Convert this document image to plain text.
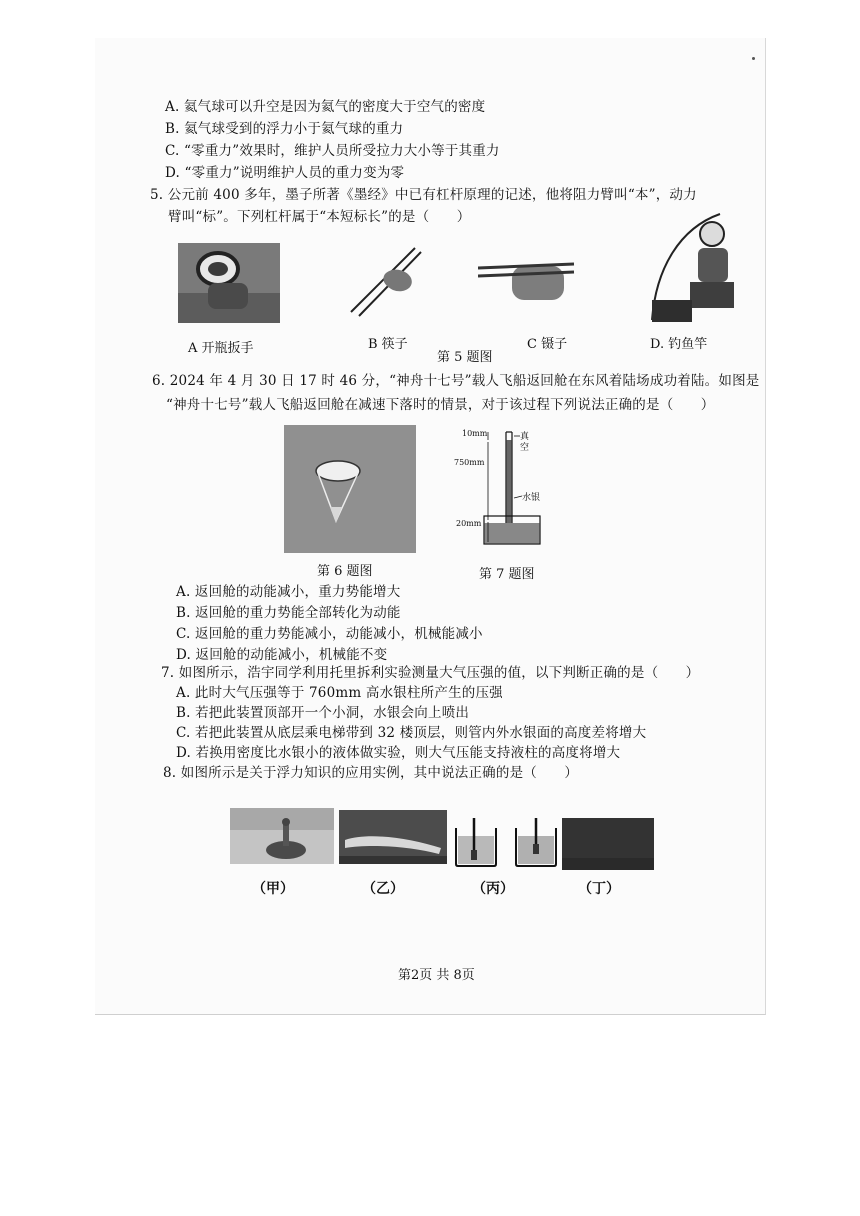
A. 氦气球可以升空是因为氦气的密度大于空气的密度
B. 氦气球受到的浮力小于氦气球的重力
C. “零重力”效果时，维护人员所受拉力大小等于其重力
D. “零重力”说明维护人员的重力变为零
5. 公元前 400 多年，墨子所著《墨经》中已有杠杆原理的记述，他将阻力臂叫“本”，动力
臂叫“标”。下列杠杆属于“本短标长”的是（　　）
A 开瓶扳手	B 筷子	C 镊子	D. 钓鱼竿
第 5 题图
6. 2024 年 4 月 30 日 17 时 46 分，“神舟十七号”载人飞船返回舱在东风着陆场成功着陆。如图是
“神舟十七号”载人飞船返回舱在减速下落时的情景，对于该过程下列说法正确的是（　　）
第 6 题图
10mm
750mm
20mm
真
空
水银
第 7 题图
A. 返回舱的动能减小，重力势能增大
B. 返回舱的重力势能全部转化为动能
C. 返回舱的重力势能减小，动能减小，机械能减小
D. 返回舱的动能减小，机械能不变
7. 如图所示，浩宇同学利用托里拆利实验测量大气压强的值，以下判断正确的是（　　）
A. 此时大气压强等于 760mm 高水银柱所产生的压强
B. 若把此装置顶部开一个小洞，水银会向上喷出
C. 若把此装置从底层乘电梯带到 32 楼顶层，则管内外水银面的高度差将增大
D. 若换用密度比水银小的液体做实验，则大气压能支持液柱的高度将增大
8. 如图所示是关于浮力知识的应用实例，其中说法正确的是（　　）
（甲）	（乙）	（丙）	（丁）
第2页 共 8页
